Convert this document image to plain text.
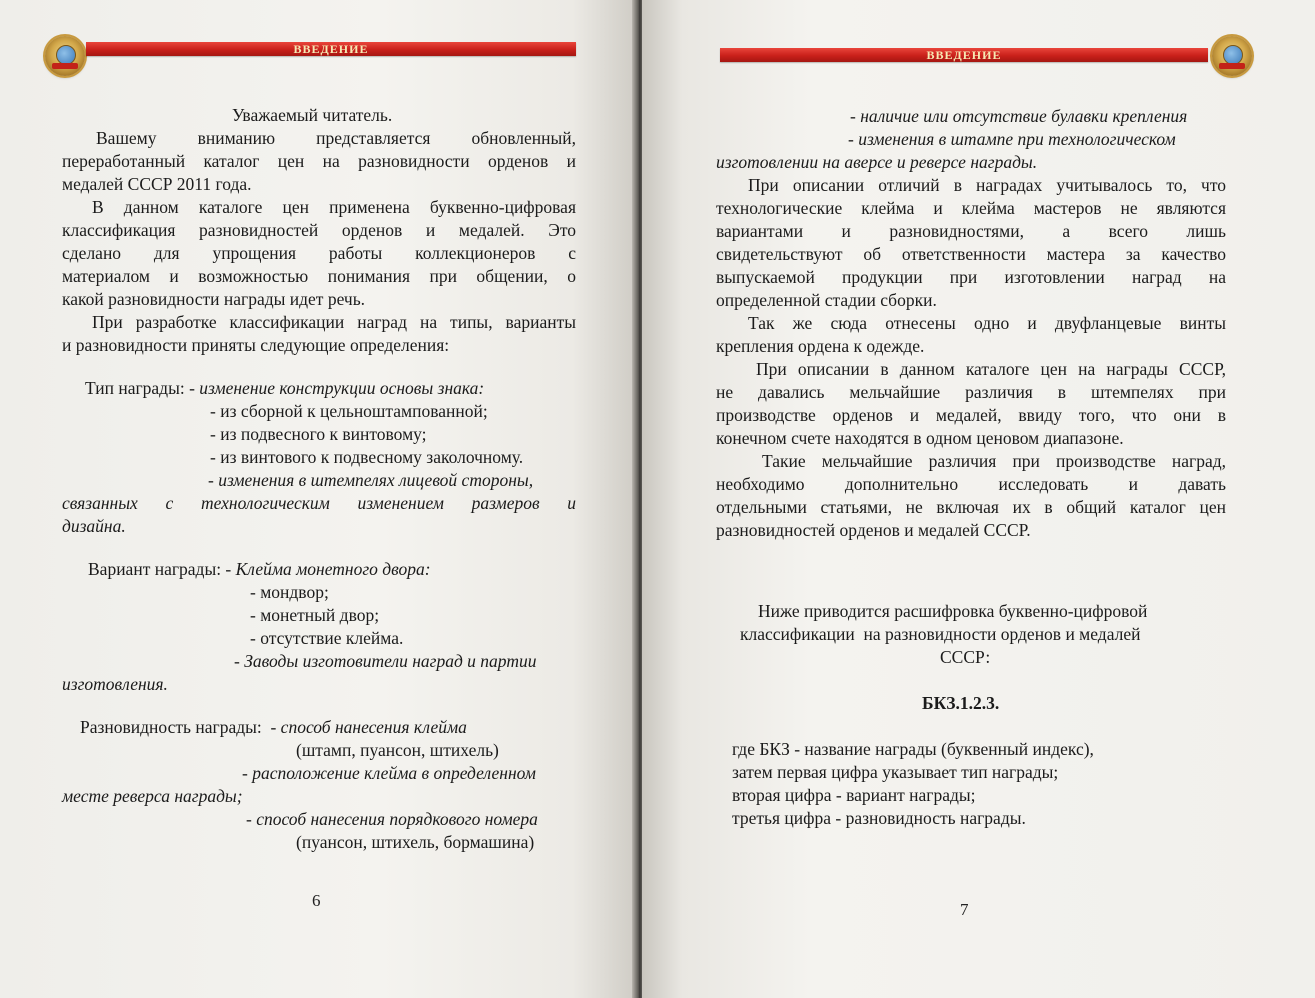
ВВЕДЕНИЕ

Уважаемый читатель.

Вашему вниманию представляется обновленный,

переработанный каталог цен на разновидности орденов и

медалей СССР 2011 года.

В данном каталоге цен применена буквенно-цифровая

классификация разновидностей орденов и медалей. Это

сделано для упрощения работы коллекционеров с

материалом и возможностью понимания при общении, о

какой разновидности награды идет речь.

При разработке классификации наград на типы, варианты

и разновидности приняты следующие определения:

Тип награды: - изменение конструкции основы знака:

- из сборной к цельноштампованной;

- из подвесного к винтовому;

- из винтового к подвесному заколочному.

- изменения в штемпелях лицевой стороны,

связанных с технологическим изменением размеров и

дизайна.

Вариант награды: - Клейма монетного двора:

- мондвор;

- монетный двор;

- отсутствие клейма.

- Заводы изготовители наград и партии

изготовления.

Разновидность награды:  - способ нанесения клейма

(штамп, пуансон, штихель)

- расположение клейма в определенном

месте реверса награды;

- способ нанесения порядкового номера

(пуансон, штихель, бормашина)

6
ВВЕДЕНИЕ

- наличие или отсутствие булавки крепления

- изменения в штампе при технологическом

изготовлении на аверсе и реверсе награды.

При описании отличий в наградах учитывалось то, что

технологические клейма и клейма мастеров не являются

вариантами и разновидностями, а всего лишь

свидетельствуют об ответственности мастера за качество

выпускаемой продукции при изготовлении наград на

определенной стадии сборки.

Так же сюда отнесены одно и двуфланцевые винты

крепления ордена к одежде.

При описании в данном каталоге цен на награды СССР,

не давались мельчайшие различия в штемпелях при

производстве орденов и медалей, ввиду того, что они в

конечном счете находятся в одном ценовом диапазоне.

Такие мельчайшие различия при производстве наград,

необходимо дополнительно исследовать и давать

отдельными статьями, не включая их в общий каталог цен

разновидностей орденов и медалей СССР.

Ниже приводится расшифровка буквенно-цифровой

классификации  на разновидности орденов и медалей

СССР:

БКЗ.1.2.3.

где БКЗ - название награды (буквенный индекс),

затем первая цифра указывает тип награды;

вторая цифра - вариант награды;

третья цифра - разновидность награды.

7
